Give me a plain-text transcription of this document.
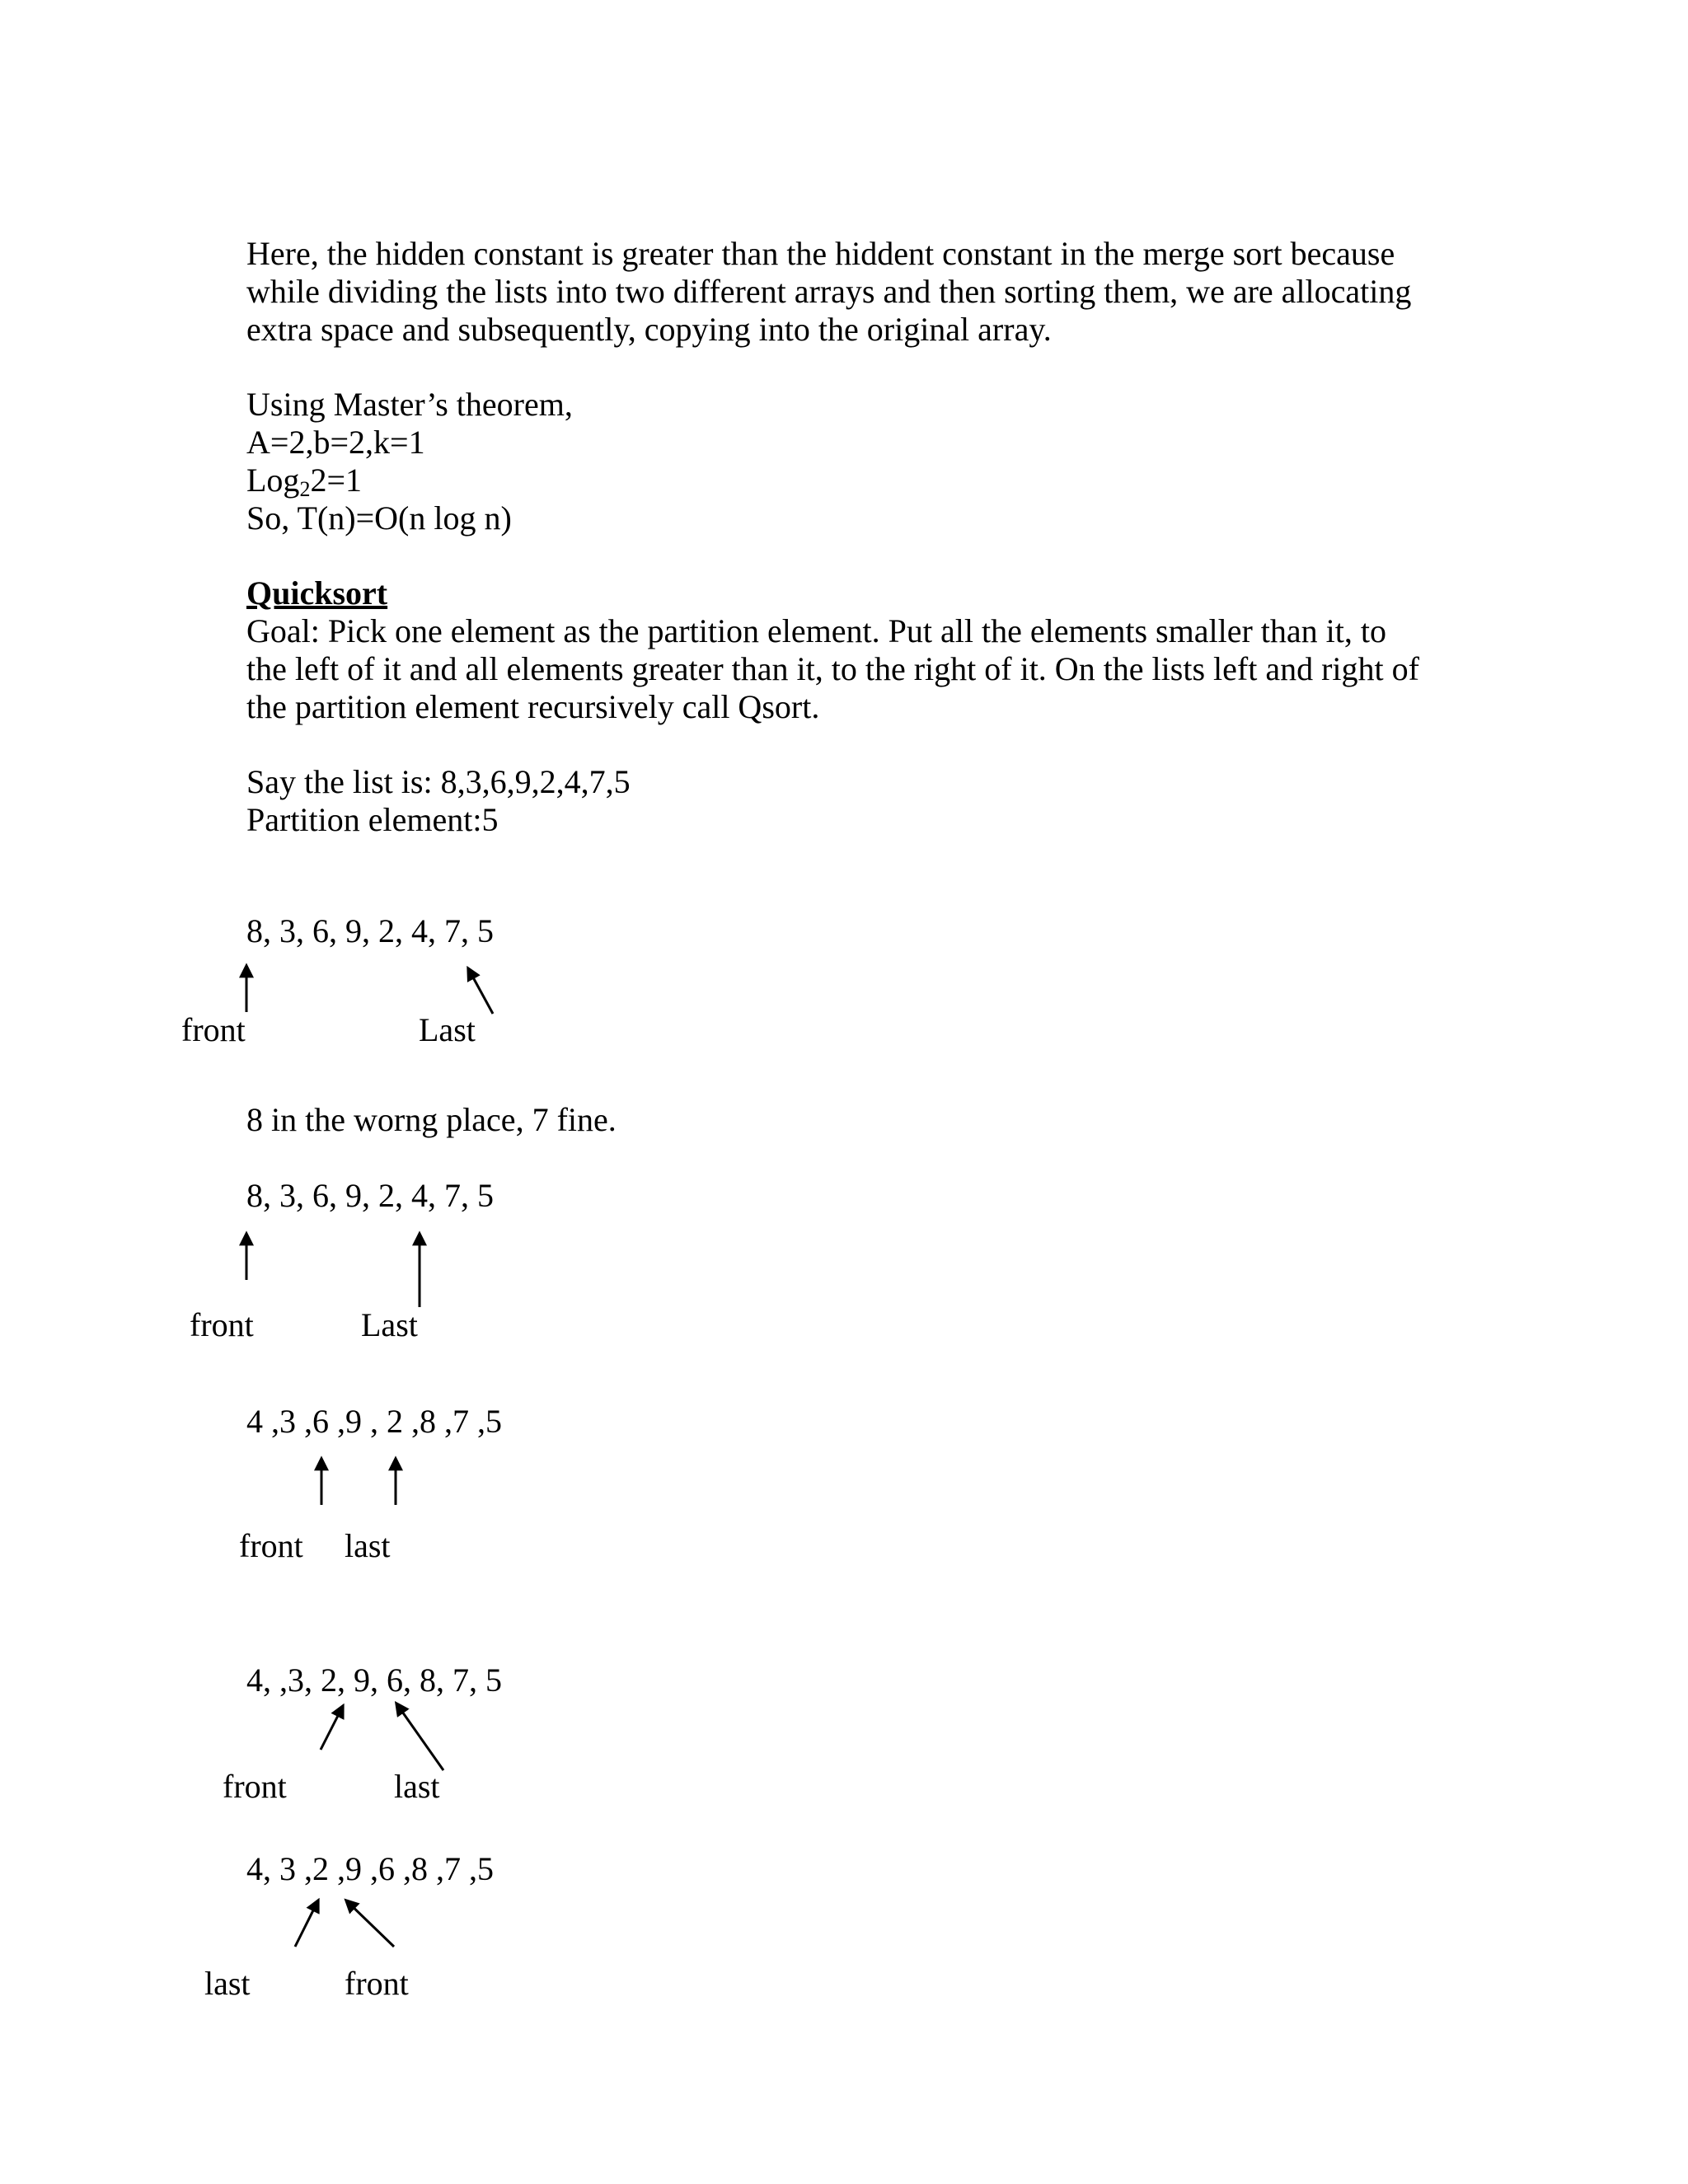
Here, the hidden constant is greater than the hiddent constant in the merge sort because

while dividing the lists into two different arrays and then sorting them, we are allocating

extra space and subsequently, copying into the original array.

Using Master’s theorem,

A=2,b=2,k=1

Log$_2$2=1

So, T(n)=O(n log n)

Quicksort

Goal: Pick one element as the partition element. Put all the elements smaller than it, to

the left of it and all elements greater than it, to the right of it. On the lists left and right of

the partition element recursively call Qsort.

Say the list is: 8,3,6,9,2,4,7,5

Partition element:5

8, 3, 6, 9, 2, 4, 7, 5

front	Last

8 in the worng place, 7 fine.

8, 3, 6, 9, 2, 4, 7, 5

front	Last

4 ,3 ,6 ,9 , 2 ,8 ,7 ,5

front last

4, ,3, 2, 9, 6, 8, 7, 5

front	last

4, 3 ,2 ,9 ,6 ,8 ,7 ,5

last	front
